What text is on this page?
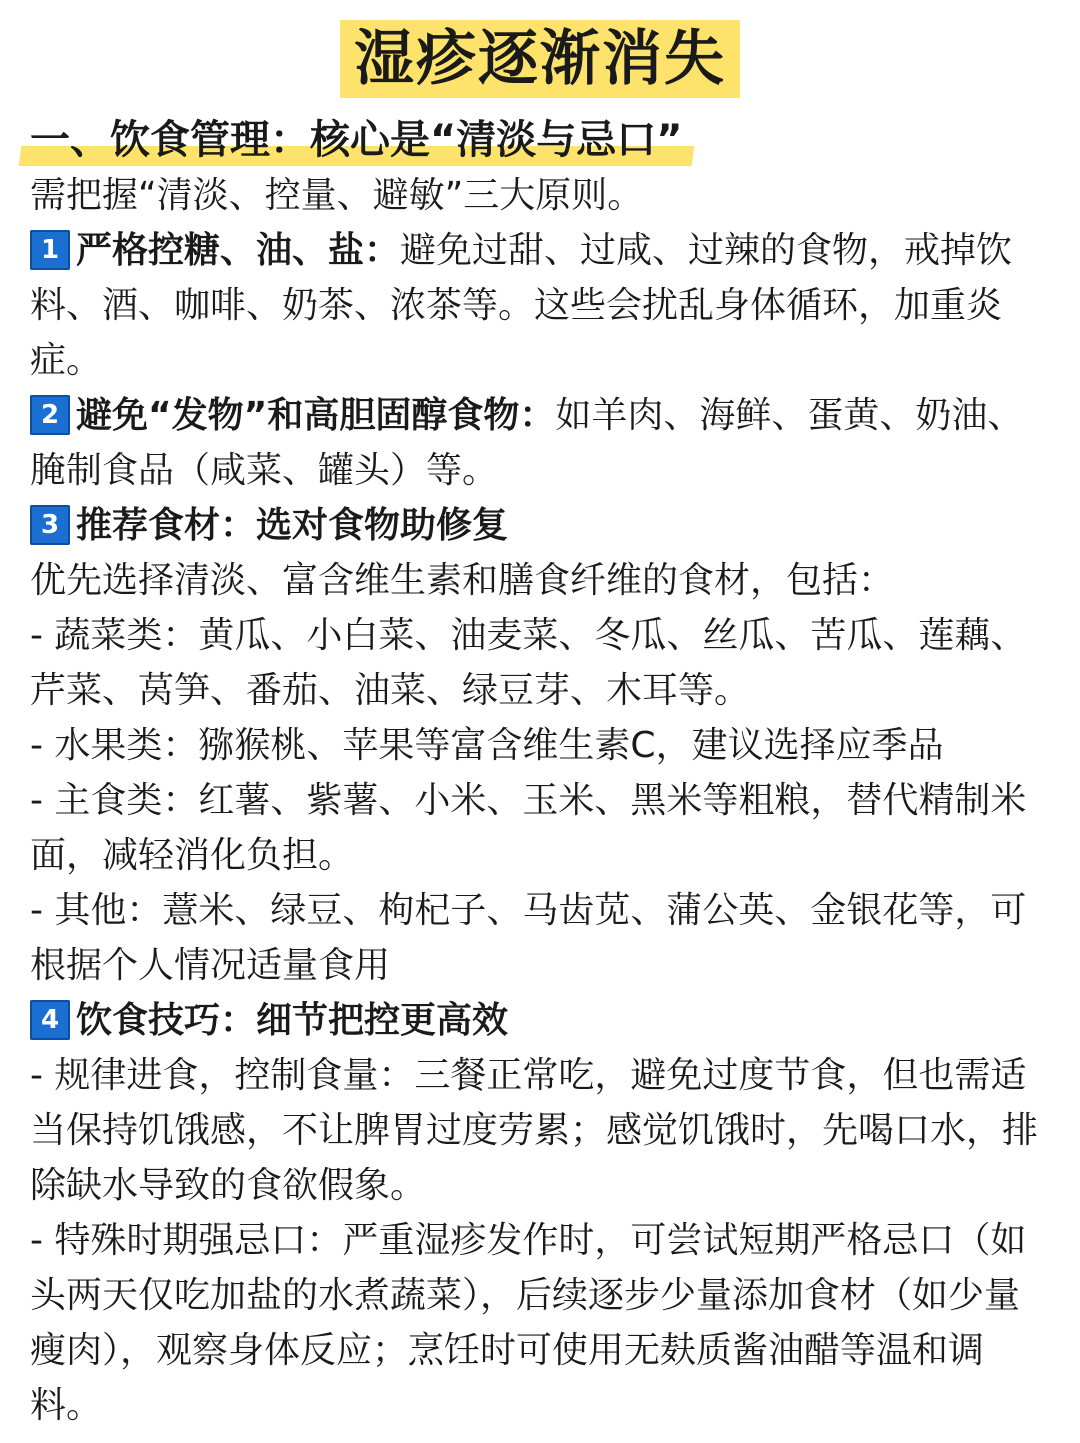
湿疹逐渐消失
一、饮食管理：核心是“清淡与忌口”

需把握“清淡、控量、避敏”三大原则。

1 严格控糖、油、盐：避免过甜、过咸、过辣的食物，戒掉饮料、酒、咖啡、奶茶、浓茶等。这些会扰乱身体循环，加重炎症。

2 避免“发物”和高胆固醇食物：如羊肉、海鲜、蛋黄、奶油、腌制食品（咸菜、罐头）等。

3 推荐食材：选对食物助修复

优先选择清淡、富含维生素和膳食纤维的食材，包括：

- 蔬菜类：黄瓜、小白菜、油麦菜、冬瓜、丝瓜、苦瓜、莲藕、芹菜、莴笋、番茄、油菜、绿豆芽、木耳等。

- 水果类：猕猴桃、苹果等富含维生素C，建议选择应季品

- 主食类：红薯、紫薯、小米、玉米、黑米等粗粮，替代精制米面，减轻消化负担。

- 其他：薏米、绿豆、枸杞子、马齿苋、蒲公英、金银花等，可根据个人情况适量食用

4 饮食技巧：细节把控更高效

- 规律进食，控制食量：三餐正常吃，避免过度节食，但也需适当保持饥饿感，不让脾胃过度劳累；感觉饥饿时，先喝口水，排除缺水导致的食欲假象。

- 特殊时期强忌口：严重湿疹发作时，可尝试短期严格忌口（如头两天仅吃加盐的水煮蔬菜），后续逐步少量添加食材（如少量瘦肉），观察身体反应；烹饪时可使用无麸质酱油醋等温和调料。
